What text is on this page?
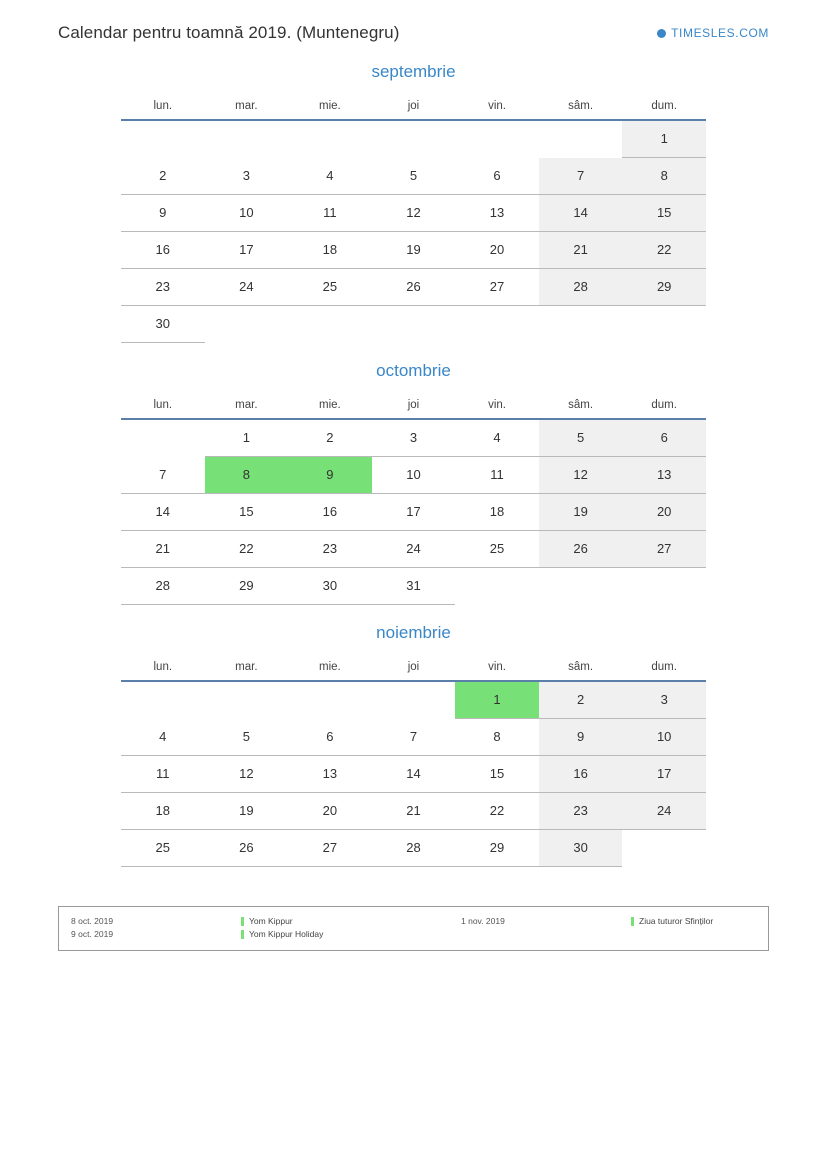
Calendar pentru toamnă 2019. (Muntenegru)	TIMESLES.COM
septembrie
lun.	mar.	mie.	joi	vin.	sâm.	dum.

						1

2	3	4	5	6	7	8

9	10	11	12	13	14	15

16	17	18	19	20	21	22

23	24	25	26	27	28	29

30						

octombrie
lun.	mar.	mie.	joi	vin.	sâm.	dum.

	1	2	3	4	5	6

7	8	9	10	11	12	13

14	15	16	17	18	19	20

21	22	23	24	25	26	27

28	29	30	31			

noiembrie
lun.	mar.	mie.	joi	vin.	sâm.	dum.

				1	2	3

4	5	6	7	8	9	10

11	12	13	14	15	16	17

18	19	20	21	22	23	24

25	26	27	28	29	30	

8 oct. 2019	Yom Kippur	1 nov. 2019	Ziua tuturor Sfinților
9 oct. 2019	Yom Kippur Holiday
